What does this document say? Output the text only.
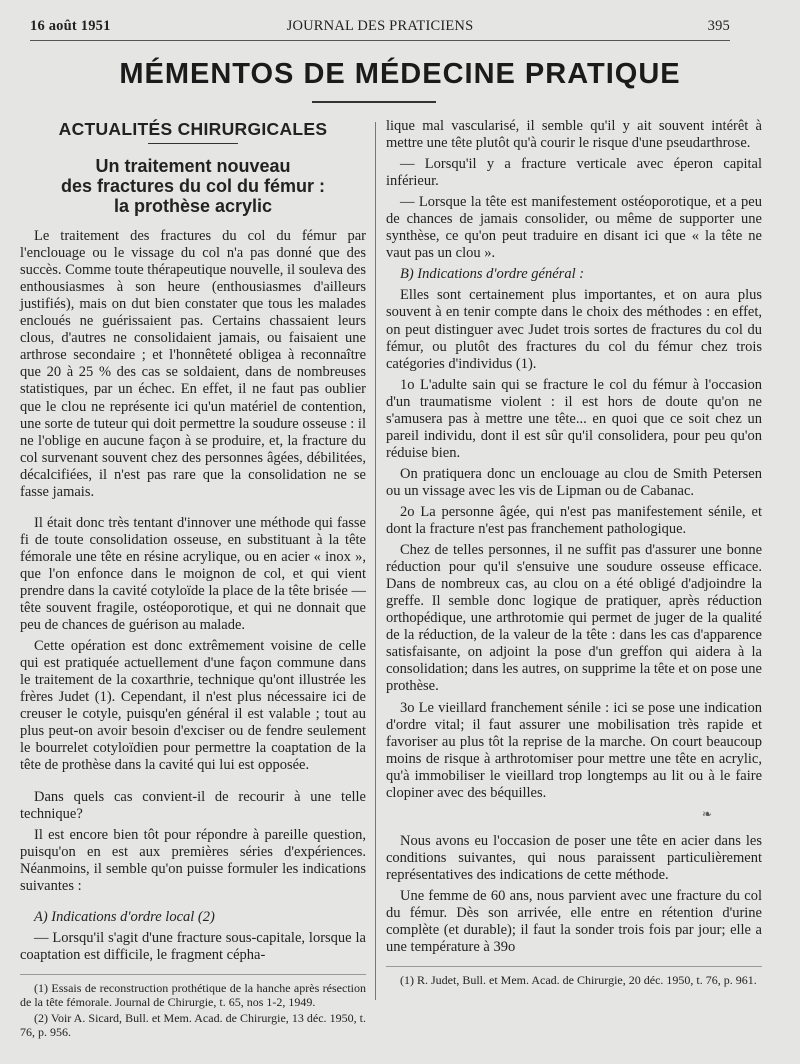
16 août 1951	JOURNAL DES PRATICIENS	395
MÉMENTOS DE MÉDECINE PRATIQUE
ACTUALITÉS CHIRURGICALES
Un traitement nouveau
des fractures du col du fémur :
la prothèse acrylic

Le traitement des fractures du col du fémur par l'enclouage ou le vissage du col n'a pas donné que des succès. Comme toute thérapeutique nouvelle, il souleva des enthousiasmes à son heure (enthousiasmes d'ailleurs justifiés), mais on dut bien constater que tous les malades encloués ne guérissaient pas. Certains chassaient leurs clous, d'autres ne consolidaient jamais, ou faisaient une arthrose secondaire ; et l'honnêteté obligea à reconnaître que 20 à 25 % des cas se soldaient, dans de nombreuses statistiques, par un échec. En effet, il ne faut pas oublier que le clou ne représente ici qu'un matériel de contention, une sorte de tuteur qui doit permettre la soudure osseuse : il ne l'oblige en aucune façon à se produire, et, la fracture du col survenant souvent chez des personnes âgées, débilitées, décalcifiées, il n'est pas rare que la consolidation ne se fasse jamais.

Il était donc très tentant d'innover une méthode qui fasse fi de toute consolidation osseuse, en substituant à la tête fémorale une tête en résine acrylique, ou en acier « inox », que l'on enfonce dans le moignon de col, et qui vient prendre dans la cavité cotyloïde la place de la tête brisée — tête souvent fragile, ostéoporotique, et qui ne donnait que peu de chances de guérison au malade.

Cette opération est donc extrêmement voisine de celle qui est pratiquée actuellement d'une façon commune dans le traitement de la coxarthrie, technique qu'ont illustrée les frères Judet (1). Cependant, il n'est plus nécessaire ici de creuser le cotyle, puisqu'en général il est valable ; tout au plus peut-on avoir besoin d'exciser ou de fendre seulement le bourrelet cotyloïdien pour permettre la coaptation de la tête de prothèse dans la cavité qui lui est opposée.

Dans quels cas convient-il de recourir à une telle technique?

Il est encore bien tôt pour répondre à pareille question, puisqu'on en est aux premières séries d'expériences. Néanmoins, il semble qu'on puisse formuler les indications suivantes :

A) Indications d'ordre local (2)

— Lorsqu'il s'agit d'une fracture sous-capitale, lorsque la coaptation est difficile, le fragment cépha-

(1) Essais de reconstruction prothétique de la hanche après résection de la tête fémorale. Journal de Chirurgie, t. 65, nos 1-2, 1949.

(2) Voir A. Sicard, Bull. et Mem. Acad. de Chirurgie, 13 déc. 1950, t. 76, p. 956.

lique mal vascularisé, il semble qu'il y ait souvent intérêt à mettre une tête plutôt qu'à courir le risque d'une pseudarthrose.

— Lorsqu'il y a fracture verticale avec éperon capital inférieur.

— Lorsque la tête est manifestement ostéoporotique, et a peu de chances de jamais consolider, ou même de supporter une synthèse, ce qu'on peut traduire en disant ici que « la tête ne vaut pas un clou ».

B) Indications d'ordre général :

Elles sont certainement plus importantes, et on aura plus souvent à en tenir compte dans le choix des méthodes : en effet, on peut distinguer avec Judet trois sortes de fractures du col du fémur, ou plutôt des fractures du col du fémur chez trois catégories d'individus (1).

1o L'adulte sain qui se fracture le col du fémur à l'occasion d'un traumatisme violent : il est hors de doute qu'on ne s'amusera pas à mettre une tête... en quoi que ce soit chez un pareil individu, dont il est sûr qu'il consolidera, pour peu qu'on réduise bien.

On pratiquera donc un enclouage au clou de Smith Petersen ou un vissage avec les vis de Lipman ou de Cabanac.

2o La personne âgée, qui n'est pas manifestement sénile, et dont la fracture n'est pas franchement pathologique.

Chez de telles personnes, il ne suffit pas d'assurer une bonne réduction pour qu'il s'ensuive une soudure osseuse efficace. Dans de nombreux cas, au clou on a été obligé d'adjoindre la greffe. Il semble donc logique de pratiquer, après réduction orthopédique, une arthrotomie qui permet de juger de la qualité de la réduction, de la valeur de la tête : dans les cas d'apparence satisfaisante, on adjoint la pose d'un greffon qui aidera à la consolidation; dans les autres, on supprime la tête et on pose une prothèse.

3o Le vieillard franchement sénile : ici se pose une indication d'ordre vital; il faut assurer une mobilisation très rapide et favoriser au plus tôt la reprise de la marche. On court beaucoup moins de risque à arthrotomiser pour mettre une tête en acrylic, qu'à immobiliser le vieillard trop longtemps au lit ou à le faire clopiner avec des béquilles.

❧

Nous avons eu l'occasion de poser une tête en acier dans les conditions suivantes, qui nous paraissent particulièrement représentatives des indications de cette méthode.

Une femme de 60 ans, nous parvient avec une fracture du col du fémur. Dès son arrivée, elle entre en rétention d'urine complète (et durable); il faut la sonder trois fois par jour; elle a une température à 39o

(1) R. Judet, Bull. et Mem. Acad. de Chirurgie, 20 déc. 1950, t. 76, p. 961.
